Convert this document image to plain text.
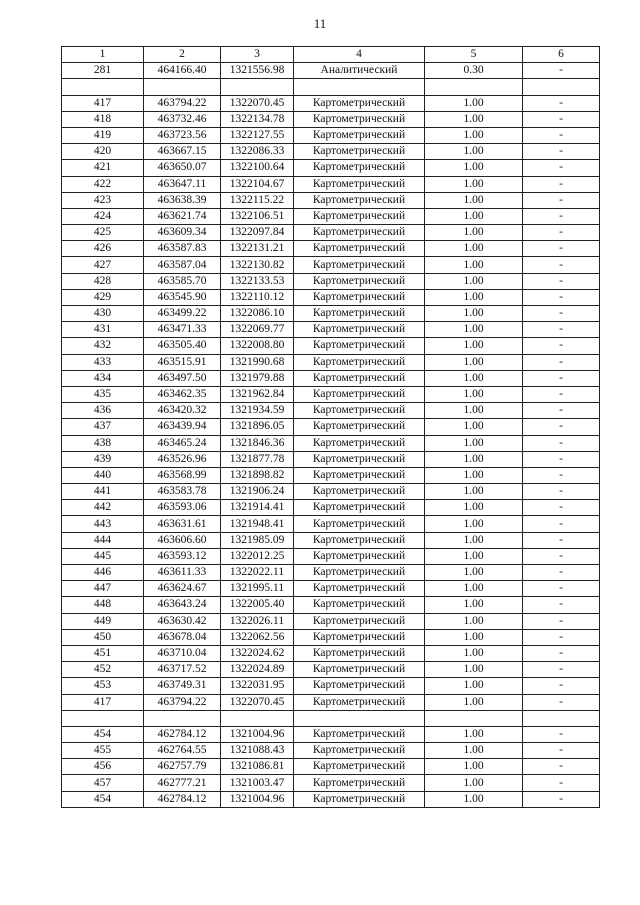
11
1	2	3	4	5	6
281	464166.40	1321556.98	Аналитический	0.30	-

417	463794.22	1322070.45	Картометрический	1.00	-
418	463732.46	1322134.78	Картометрический	1.00	-
419	463723.56	1322127.55	Картометрический	1.00	-
420	463667.15	1322086.33	Картометрический	1.00	-
421	463650.07	1322100.64	Картометрический	1.00	-
422	463647.11	1322104.67	Картометрический	1.00	-
423	463638.39	1322115.22	Картометрический	1.00	-
424	463621.74	1322106.51	Картометрический	1.00	-
425	463609.34	1322097.84	Картометрический	1.00	-
426	463587.83	1322131.21	Картометрический	1.00	-
427	463587.04	1322130.82	Картометрический	1.00	-
428	463585.70	1322133.53	Картометрический	1.00	-
429	463545.90	1322110.12	Картометрический	1.00	-
430	463499.22	1322086.10	Картометрический	1.00	-
431	463471.33	1322069.77	Картометрический	1.00	-
432	463505.40	1322008.80	Картометрический	1.00	-
433	463515.91	1321990.68	Картометрический	1.00	-
434	463497.50	1321979.88	Картометрический	1.00	-
435	463462.35	1321962.84	Картометрический	1.00	-
436	463420.32	1321934.59	Картометрический	1.00	-
437	463439.94	1321896.05	Картометрический	1.00	-
438	463465.24	1321846.36	Картометрический	1.00	-
439	463526.96	1321877.78	Картометрический	1.00	-
440	463568.99	1321898.82	Картометрический	1.00	-
441	463583.78	1321906.24	Картометрический	1.00	-
442	463593.06	1321914.41	Картометрический	1.00	-
443	463631.61	1321948.41	Картометрический	1.00	-
444	463606.60	1321985.09	Картометрический	1.00	-
445	463593.12	1322012.25	Картометрический	1.00	-
446	463611.33	1322022.11	Картометрический	1.00	-
447	463624.67	1321995.11	Картометрический	1.00	-
448	463643.24	1322005.40	Картометрический	1.00	-
449	463630.42	1322026.11	Картометрический	1.00	-
450	463678.04	1322062.56	Картометрический	1.00	-
451	463710.04	1322024.62	Картометрический	1.00	-
452	463717.52	1322024.89	Картометрический	1.00	-
453	463749.31	1322031.95	Картометрический	1.00	-
417	463794.22	1322070.45	Картометрический	1.00	-

454	462784.12	1321004.96	Картометрический	1.00	-
455	462764.55	1321088.43	Картометрический	1.00	-
456	462757.79	1321086.81	Картометрический	1.00	-
457	462777.21	1321003.47	Картометрический	1.00	-
454	462784.12	1321004.96	Картометрический	1.00	-
